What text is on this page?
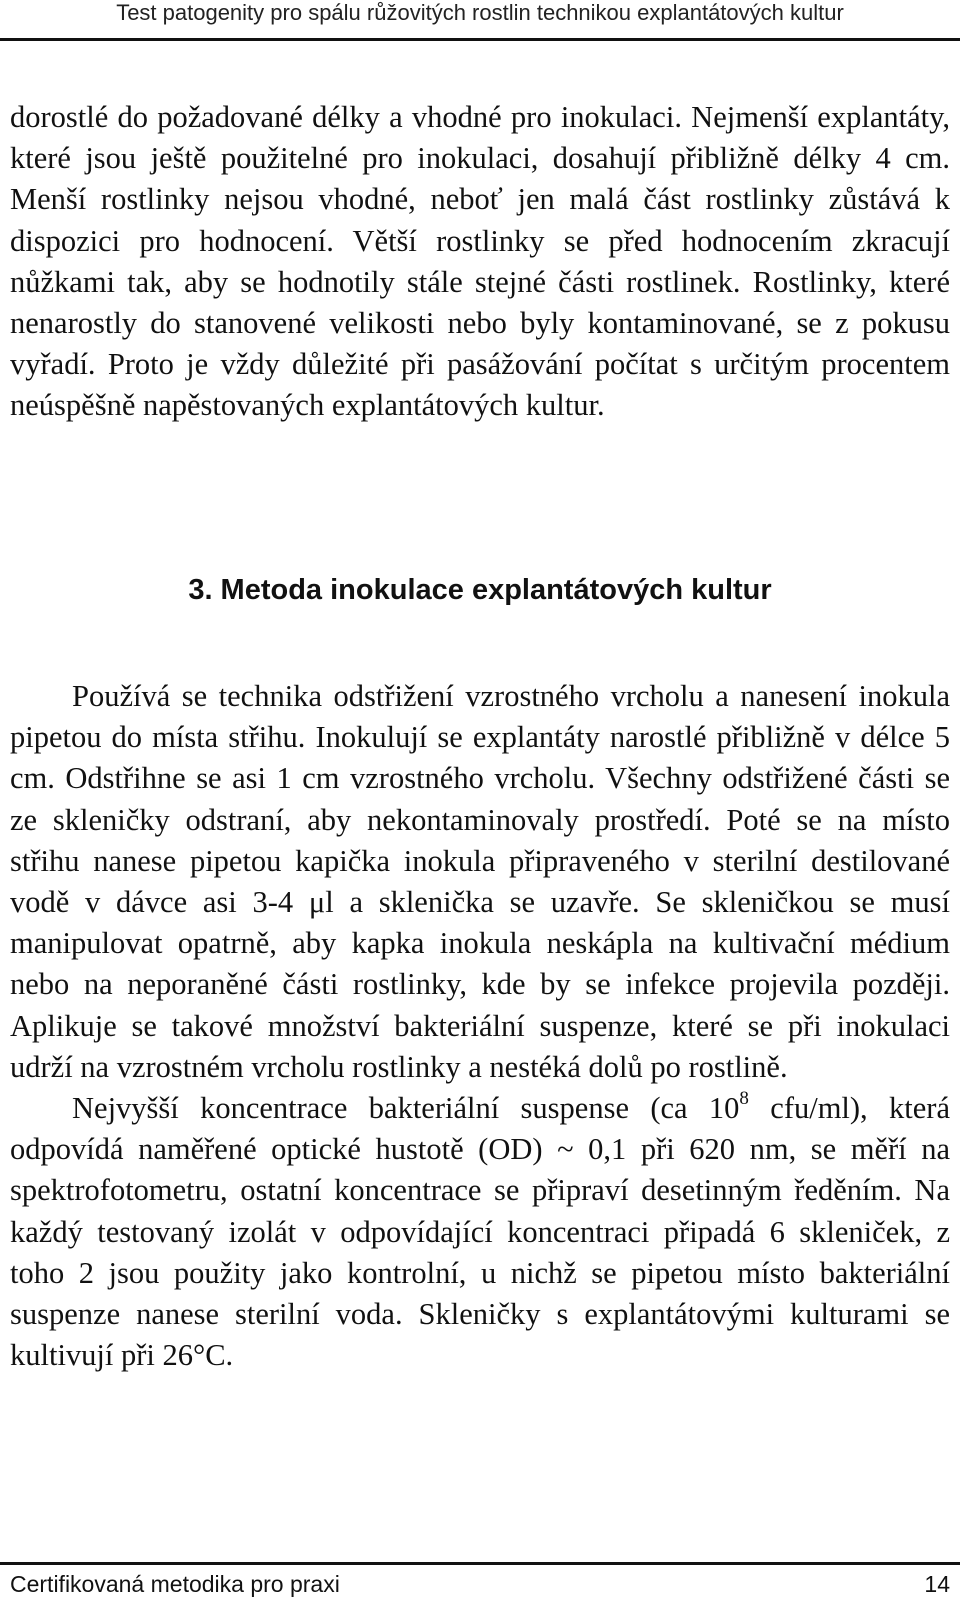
Test patogenity pro spálu růžovitých rostlin technikou explantátových kultur

dorostlé do požadované délky a vhodné pro inokulaci. Nejmenší explantáty, které jsou ještě použitelné pro inokulaci, dosahují přibližně délky 4 cm. Menší rostlinky nejsou vhodné, neboť jen malá část rostlinky zůstává k dispozici pro hodnocení. Větší rostlinky se před hodnocením zkracují nůžkami tak, aby se hodnotily stále stejné části rostlinek. Rostlinky, které nenarostly do stanovené velikosti nebo byly kontaminované, se z pokusu vyřadí. Proto je vždy důležité při pasážování počítat s určitým procentem neúspěšně napěstovaných explantátových kultur.

3. Metoda inokulace explantátových kultur

Používá se technika odstřižení vzrostného vrcholu a nanesení inokula pipetou do místa střihu. Inokulují se explantáty narostlé přibližně v délce 5 cm. Odstřihne se asi 1 cm vzrostného vrcholu. Všechny odstřižené části se ze skleničky odstraní, aby nekontaminovaly prostředí. Poté se na místo střihu nanese pipetou kapička inokula připraveného v sterilní destilované vodě v dávce asi 3-4 μl a sklenička se uzavře. Se skleničkou se musí manipulovat opatrně, aby kapka inokula neskápla na kultivační médium nebo na neporaněné části rostlinky, kde by se infekce projevila později. Aplikuje se takové množství bakteriální suspenze, které se při inokulaci udrží na vzrostném vrcholu rostlinky a nestéká dolů po rostlině.

Nejvyšší koncentrace bakteriální suspense (ca $10^8$ cfu/ml), která odpovídá naměřené optické hustotě (OD) ~ 0,1 při 620 nm, se měří na spektrofotometru, ostatní koncentrace se připraví desetinným ředěním. Na každý testovaný izolát v odpovídající koncentraci připadá 6 skleniček, z toho 2 jsou použity jako kontrolní, u nichž se pipetou místo bakteriální suspenze nanese sterilní voda. Skleničky s explantátovými kulturami se kultivují při 26°C.

Certifikovaná metodika pro praxi	14
